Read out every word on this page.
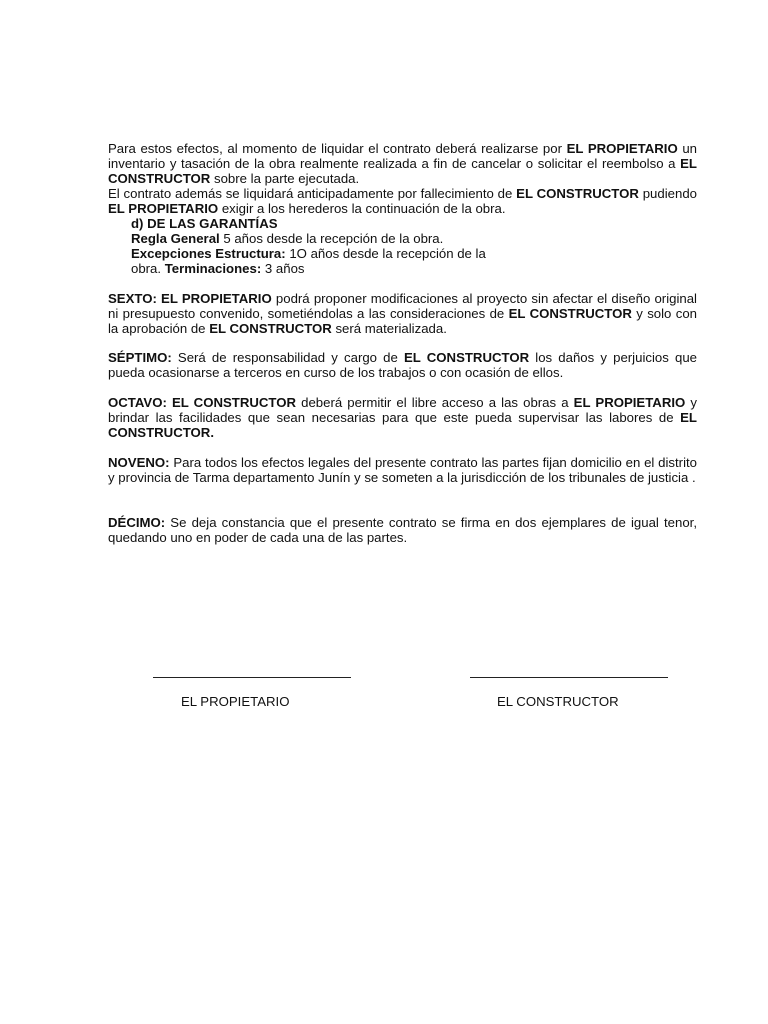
Para estos efectos, al momento de liquidar el contrato deberá realizarse por EL PROPIETARIO un inventario y tasación de la obra realmente realizada a fin de cancelar o solicitar el reembolso a EL CONSTRUCTOR sobre la parte ejecutada.
El contrato además se liquidará anticipadamente por fallecimiento de EL CONSTRUCTOR pudiendo EL PROPIETARIO exigir a los herederos la continuación de la obra.
d) DE LAS GARANTÍAS
Regla General 5 años desde la recepción de la obra.
Excepciones Estructura: 1O años desde la recepción de la
obra. Terminaciones: 3 años
SEXTO: EL PROPIETARIO podrá proponer modificaciones al proyecto sin afectar el diseño original ni presupuesto convenido, sometiéndolas a las consideraciones de EL CONSTRUCTOR y solo con la aprobación de EL CONSTRUCTOR será materializada.
SÉPTIMO: Será de responsabilidad y cargo de EL CONSTRUCTOR los daños y perjuicios que pueda ocasionarse a terceros en curso de los trabajos o con ocasión de ellos.
OCTAVO: EL CONSTRUCTOR deberá permitir el libre acceso a las obras a EL PROPIETARIO y brindar las facilidades que sean necesarias para que este pueda supervisar las labores de EL CONSTRUCTOR.
NOVENO: Para todos los efectos legales del presente contrato las partes fijan domicilio en el distrito y provincia de Tarma departamento Junín y se someten a la jurisdicción de los tribunales de justicia .
DÉCIMO: Se deja constancia que el presente contrato se firma en dos ejemplares de igual tenor, quedando uno en poder de cada una de las partes.
EL PROPIETARIO	EL CONSTRUCTOR
